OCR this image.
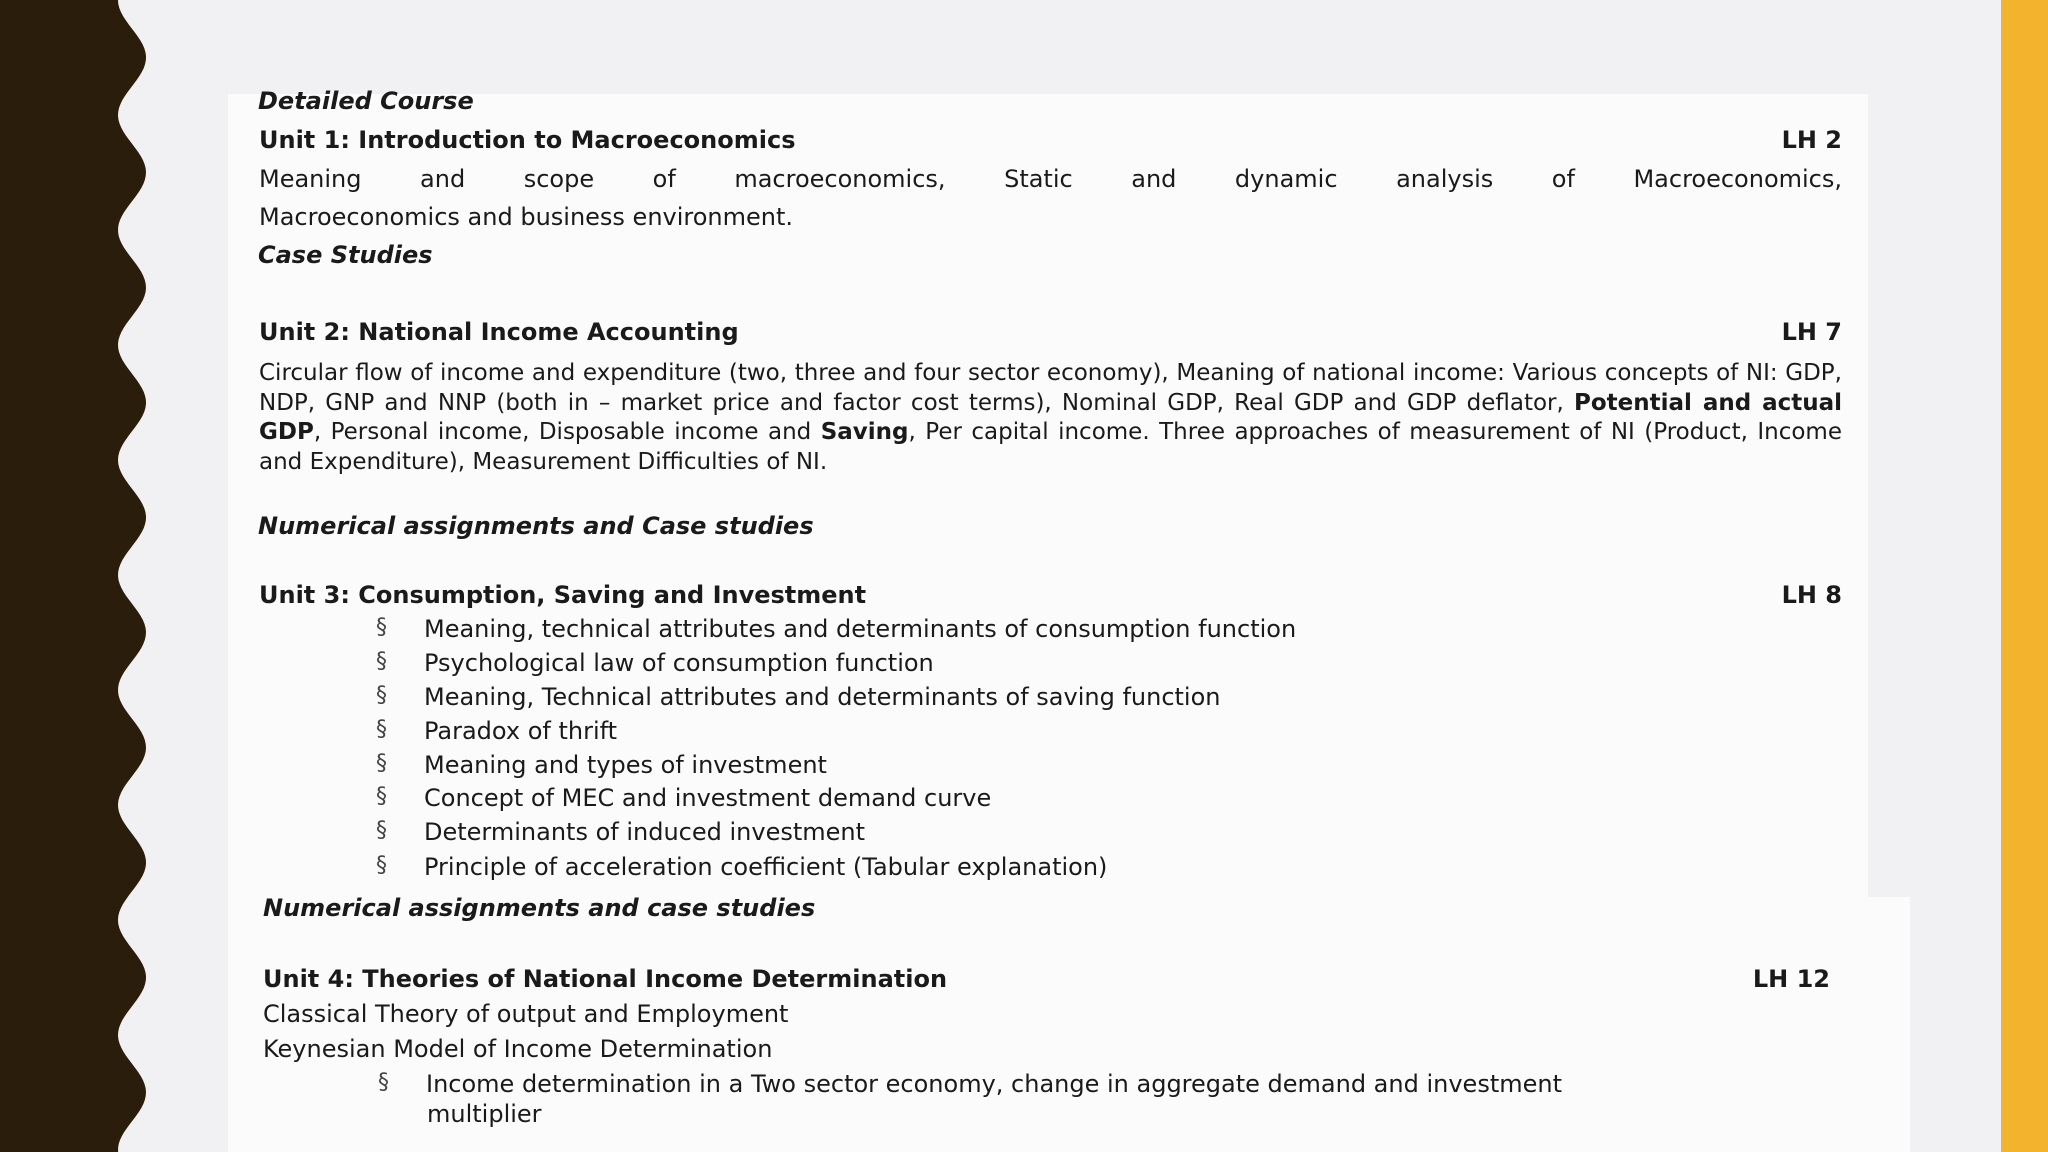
Detailed Course
Unit 1: Introduction to Macroeconomics	LH 2
Meaning and scope of macroeconomics, Static and dynamic analysis of Macroeconomics,
Macroeconomics and business environment.
Case Studies
Unit 2: National Income Accounting	LH 7
Circular flow of income and expenditure (two, three and four sector economy), Meaning of national income: Various concepts of NI: GDP, NDP, GNP and NNP (both in – market price and factor cost terms), Nominal GDP, Real GDP and GDP deflator, Potential and actual GDP, Personal income, Disposable income and Saving, Per capital income. Three approaches of measurement of NI (Product, Income and Expenditure), Measurement Difficulties of NI.
Numerical assignments and Case studies
Unit 3: Consumption, Saving and Investment	LH 8
§ Meaning, technical attributes and determinants of consumption function
§ Psychological law of consumption function
§ Meaning, Technical attributes and determinants of saving function
§ Paradox of thrift
§ Meaning and types of investment
§ Concept of MEC and investment demand curve
§ Determinants of induced investment
§ Principle of acceleration coefficient (Tabular explanation)
Numerical assignments and case studies
Unit 4: Theories of National Income Determination	LH 12
Classical Theory of output and Employment
Keynesian Model of Income Determination
§ Income determination in a Two sector economy, change in aggregate demand and investment
multiplier
